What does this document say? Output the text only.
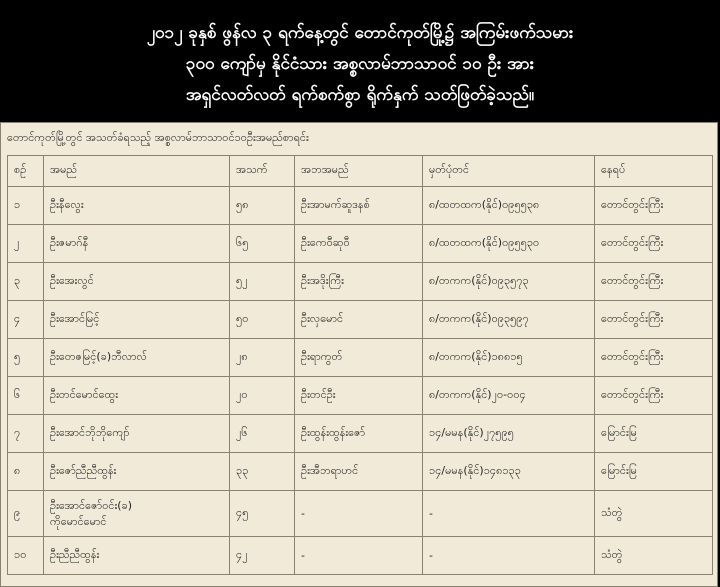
၂၀၁၂ ခုနှစ် ဖွန်လ ၃ ရက်နေ့တွင် တောင်ကုတ်မြို့၌ အကြမ်းဖက်သမား
၃၀၀ ကျော်မှ နိုင်ငံသား အစ္စလာမ်ဘာသာဝင် ၁၀ ဦး အား
အရှင်လတ်လတ် ရက်စက်စွာ ရိုက်နှက် သတ်ဖြတ်ခဲ့သည်။
တောင်ကုတ်မြို့တွင် အသတ်ခံရသည့် အစ္စလာမ်ဘာသာဝင်၁၀ဦးအမည်စာရင်း
စဉ်	အမည်	အသက်	အဘအမည်	မှတ်ပုံတင်	နေရပ်
၁	ဦးနီလွေး	၅၈	ဦးအာမက်ဆူဒနစ်	၈/ထတထက(နိုင်)၀၉၅၅၃၈	တောင်တွင်းကြီး
၂	ဦးဇမာဂ်နီ	၆၅	ဦးကေဝီဆုဝီ	၈/ထတထက(နိုင်)၀၉၅၅၃၀	တောင်တွင်းကြီး
၃	ဦးအေးလွင်	၅၂	ဦးအဒိုးကြီး	၈/တကက(နိုင်)၀၉၃၅၇၃	တောင်တွင်းကြီး
၄	ဦးအောင်မြင့်	၅၀	ဦးလှမောင်	၈/တကက(နိုင်)၀၉၃၅၉၇	တောင်တွင်းကြီး
၅	ဦးတေဇမြင့်(ခ)ဘီလာလ်	၂၈	ဦးရာကွတ်	၈/တကက(နိုင်)၁၈၈၁၅	တောင်တွင်းကြီး
၆	ဦးတင်မောင်ထွေး	၂၀	ဦးတင်ဦး	၈/တကက(နိုင်)၂၀-၀၀၄	တောင်တွင်းကြီး
၇	ဦးအောင်ဘိုဘိုကျော်	၂၆	ဦးထွန်းထွန်းဇော်	၁၄/မမန(နိုင်)၂၇၅၉၅	မြောင်းမြ
၈	ဦးဇော်ညီညီထွန်း	၃၃	ဦးအီဘရာဟင်	၁၄/မမန(နိုင်)၁၄၈၁၃၃	မြောင်းမြ
၉	ဦးအောင်ဇော်ဝင်း(ခ)
ကိုမောင်မောင်	၄၅	-	-	သံတွဲ
၁၀	ဦးညီညီထွန်း	၄၂	-	-	သံတွဲ
